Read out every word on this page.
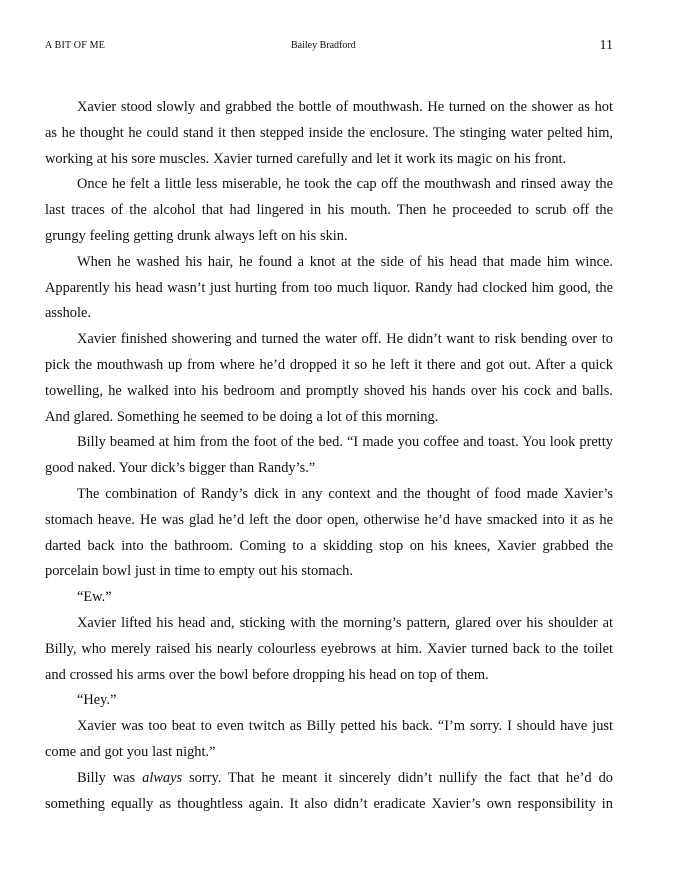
A BIT OF ME	Bailey Bradford	11

Xavier stood slowly and grabbed the bottle of mouthwash. He turned on the shower as hot as he thought he could stand it then stepped inside the enclosure. The stinging water pelted him, working at his sore muscles. Xavier turned carefully and let it work its magic on his front.

Once he felt a little less miserable, he took the cap off the mouthwash and rinsed away the last traces of the alcohol that had lingered in his mouth. Then he proceeded to scrub off the grungy feeling getting drunk always left on his skin.

When he washed his hair, he found a knot at the side of his head that made him wince. Apparently his head wasn’t just hurting from too much liquor. Randy had clocked him good, the asshole.

Xavier finished showering and turned the water off. He didn’t want to risk bending over to pick the mouthwash up from where he’d dropped it so he left it there and got out. After a quick towelling, he walked into his bedroom and promptly shoved his hands over his cock and balls. And glared. Something he seemed to be doing a lot of this morning.

Billy beamed at him from the foot of the bed. “I made you coffee and toast. You look pretty good naked. Your dick’s bigger than Randy’s.”

The combination of Randy’s dick in any context and the thought of food made Xavier’s stomach heave. He was glad he’d left the door open, otherwise he’d have smacked into it as he darted back into the bathroom. Coming to a skidding stop on his knees, Xavier grabbed the porcelain bowl just in time to empty out his stomach.

“Ew.”

Xavier lifted his head and, sticking with the morning’s pattern, glared over his shoulder at Billy, who merely raised his nearly colourless eyebrows at him. Xavier turned back to the toilet and crossed his arms over the bowl before dropping his head on top of them.

“Hey.”

Xavier was too beat to even twitch as Billy petted his back. “I’m sorry. I should have just come and got you last night.”

Billy was always sorry. That he meant it sincerely didn’t nullify the fact that he’d do something equally as thoughtless again. It also didn’t eradicate Xavier’s own responsibility in
